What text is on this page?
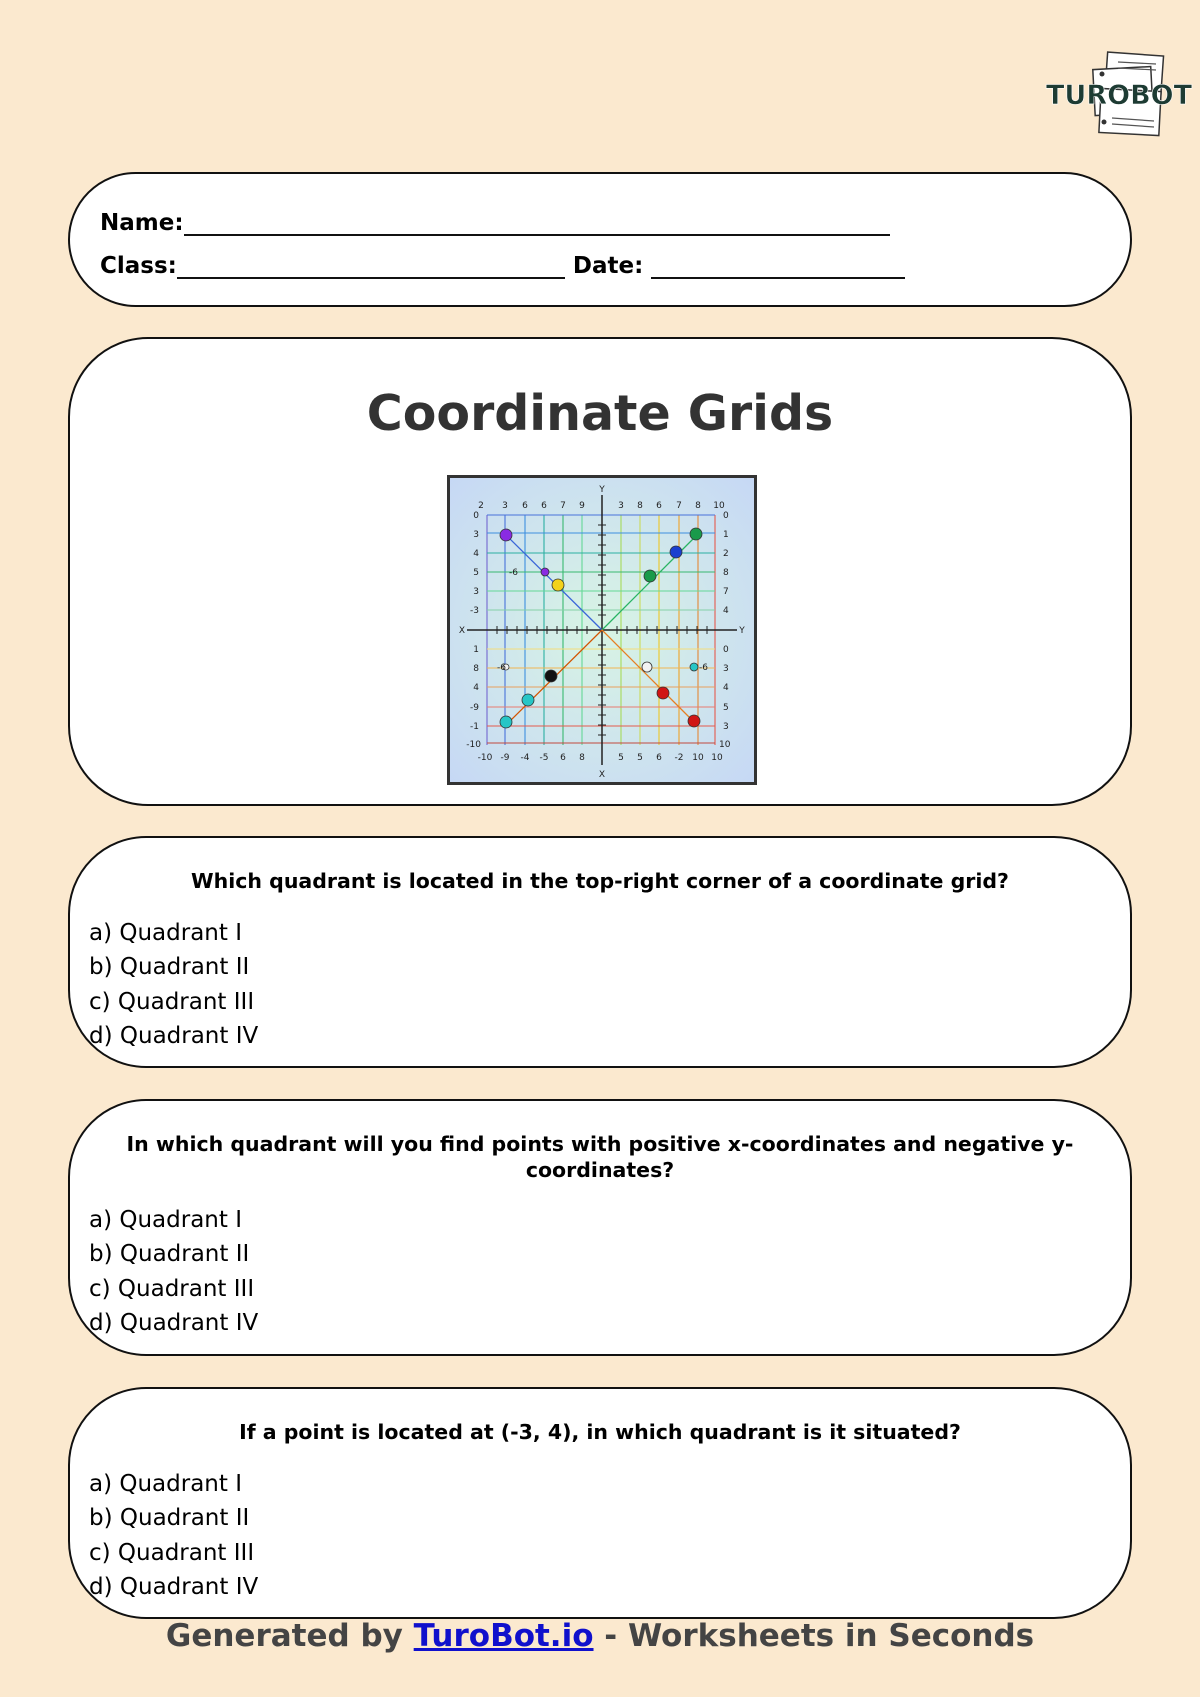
TUROBOT
Name:
Class:	Date:
Coordinate Grids
Y
X
X	Y
2 3 6 6 7 9	3 8 6 7 8 10
-10 -9 -4 -5 6 8	5 5 6 -2 10 10
0
3
4
5
3
-3
1
8
4
-9
-1
-10
0
1
2
8
7
4
0
3
4
5
3
10
-6
-6	-6
Which quadrant is located in the top-right corner of a coordinate grid?
a) Quadrant I
b) Quadrant II
c) Quadrant III
d) Quadrant IV
In which quadrant will you find points with positive x-coordinates and negative y-coordinates?
a) Quadrant I
b) Quadrant II
c) Quadrant III
d) Quadrant IV
If a point is located at (-3, 4), in which quadrant is it situated?
a) Quadrant I
b) Quadrant II
c) Quadrant III
d) Quadrant IV
Generated by TuroBot.io - Worksheets in Seconds
